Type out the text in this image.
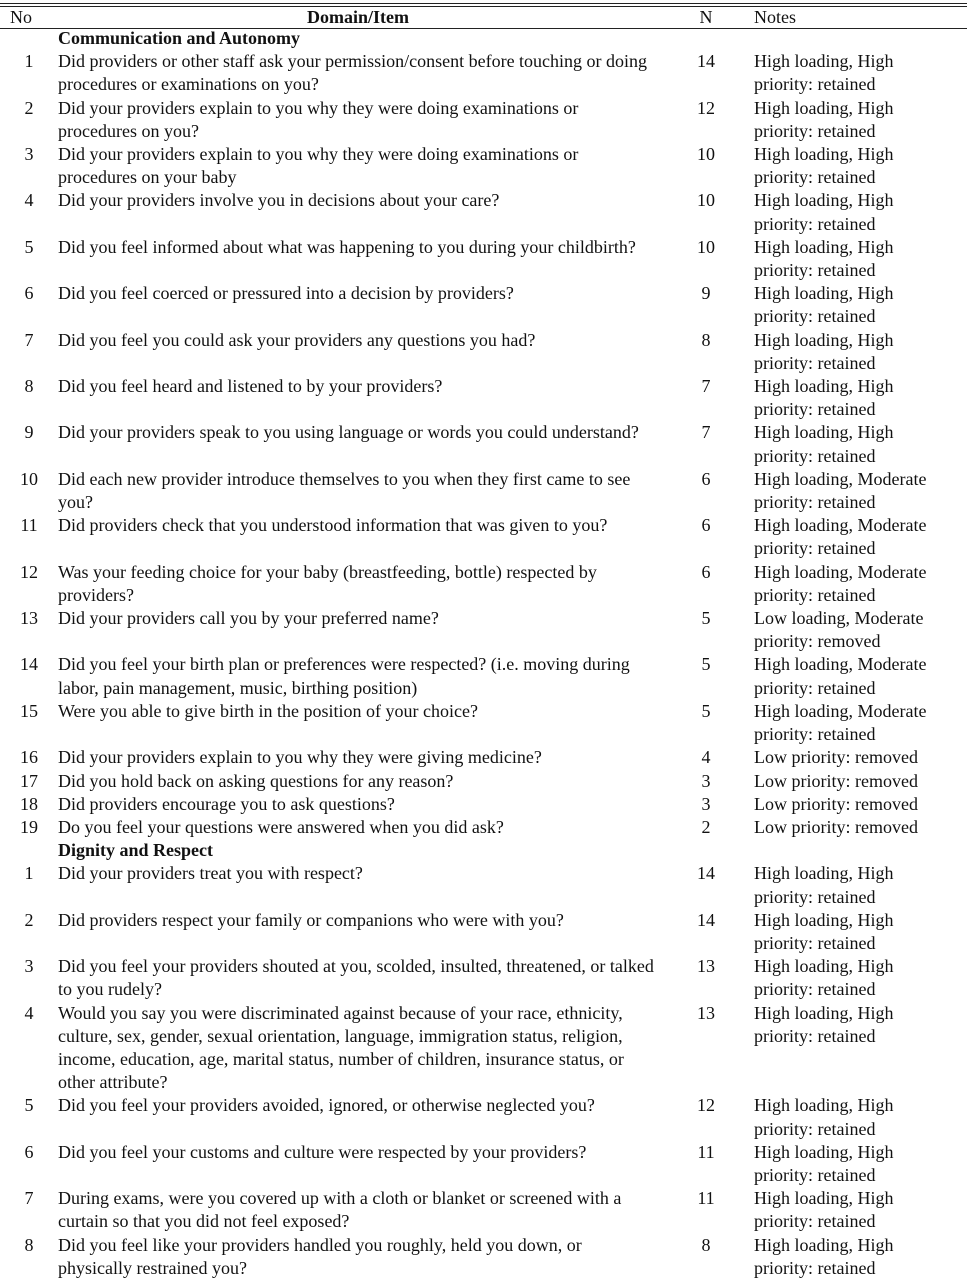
No	Domain/Item	N	Notes
	Communication and Autonomy		
1	Did providers or other staff ask your permission/consent before touching or doing procedures or examinations on you?	14	High loading, High
priority: retained

2	Did your providers explain to you why they were doing examinations or procedures on you?	12	High loading, High
priority: retained

3	Did your providers explain to you why they were doing examinations or procedures on your baby	10	High loading, High
priority: retained

4	Did your providers involve you in decisions about your care?	10	High loading, High
priority: retained

5	Did you feel informed about what was happening to you during your childbirth?	10	High loading, High
priority: retained

6	Did you feel coerced or pressured into a decision by providers?	9	High loading, High
priority: retained

7	Did you feel you could ask your providers any questions you had?	8	High loading, High
priority: retained

8	Did you feel heard and listened to by your providers?	7	High loading, High
priority: retained

9	Did your providers speak to you using language or words you could understand?	7	High loading, High
priority: retained

10	Did each new provider introduce themselves to you when they first came to see you?	6	High loading, Moderate
priority: retained

11	Did providers check that you understood information that was given to you?	6	High loading, Moderate
priority: retained

12	Was your feeding choice for your baby (breastfeeding, bottle) respected by providers?	6	High loading, Moderate
priority: retained

13	Did your providers call you by your preferred name?	5	Low loading, Moderate
priority: removed

14	Did you feel your birth plan or preferences were respected? (i.e. moving during labor, pain management, music, birthing position)	5	High loading, Moderate
priority: retained

15	Were you able to give birth in the position of your choice?	5	High loading, Moderate
priority: retained

16	Did your providers explain to you why they were giving medicine?	4	Low priority: removed

17	Did you hold back on asking questions for any reason?	3	Low priority: removed

18	Did providers encourage you to ask questions?	3	Low priority: removed

19	Do you feel your questions were answered when you did ask?	2	Low priority: removed

	Dignity and Respect		
1	Did your providers treat you with respect?	14	High loading, High
priority: retained

2	Did providers respect your family or companions who were with you?	14	High loading, High
priority: retained

3	Did you feel your providers shouted at you, scolded, insulted, threatened, or talked to you rudely?	13	High loading, High
priority: retained

4	Would you say you were discriminated against because of your race, ethnicity, culture, sex, gender, sexual orientation, language, immigration status, religion, income, education, age, marital status, number of children, insurance status, or other attribute?	13	High loading, High
priority: retained

5	Did you feel your providers avoided, ignored, or otherwise neglected you?	12	High loading, High
priority: retained

6	Did you feel your customs and culture were respected by your providers?	11	High loading, High
priority: retained

7	During exams, were you covered up with a cloth or blanket or screened with a curtain so that you did not feel exposed?	11	High loading, High
priority: retained

8	Did you feel like your providers handled you roughly, held you down, or physically restrained you?	8	High loading, High
priority: retained
